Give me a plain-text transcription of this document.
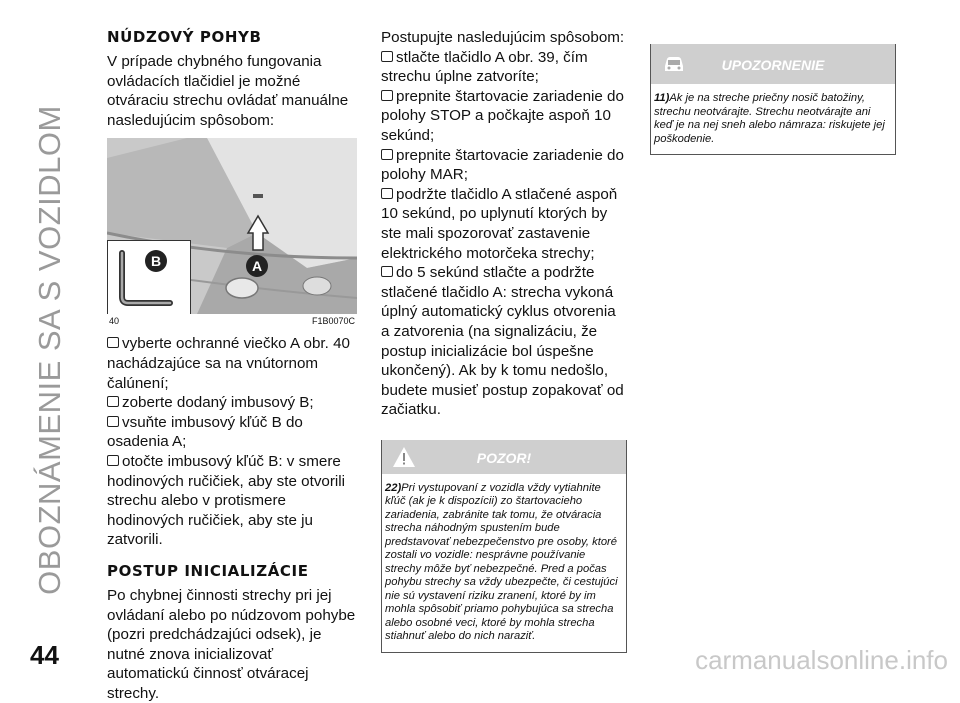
OBOZNÁMENIE SA S VOZIDLOM
NÚDZOVÝ POHYB

V prípade chybného fungovania ovládacích tlačidiel je možné otváraciu strechu ovládať manuálne nasledujúcim spôsobom:

A
B
40	F1B0070C

vyberte ochranné viečko A obr. 40 nachádzajúce sa na vnútornom čalúnení;

zoberte dodaný imbusový B;

vsuňte imbusový kľúč B do osadenia A;

otočte imbusový kľúč B: v smere hodinových ručičiek, aby ste otvorili strechu alebo v protismere hodinových ručičiek, aby ste ju zatvorili.

POSTUP INICIALIZÁCIE

Po chybnej činnosti strechy pri jej ovládaní alebo po núdzovom pohybe (pozri predchádzajúci odsek), je nutné znova inicializovať automatickú činnosť otváracej strechy.

Postupujte nasledujúcim spôsobom:

stlačte tlačidlo A obr. 39, čím strechu úplne zatvoríte;

prepnite štartovacie zariadenie do polohy STOP a počkajte aspoň 10 sekúnd;

prepnite štartovacie zariadenie do polohy MAR;

podržte tlačidlo A stlačené aspoň 10 sekúnd, po uplynutí ktorých by ste mali spozorovať zastavenie elektrického motorčeka strechy;

do 5 sekúnd stlačte a podržte stlačené tlačidlo A: strecha vykoná úplný automatický cyklus otvorenia a zatvorenia (na signalizáciu, že postup inicializácie bol úspešne ukončený). Ak by k tomu nedošlo, budete musieť postup zopakovať od začiatku.

POZOR!
22)Pri vystupovaní z vozidla vždy vytiahnite kľúč (ak je k dispozícii) zo štartovacieho zariadenia, zabránite tak tomu, že otváracia strecha náhodným spustením bude predstavovať nebezpečenstvo pre osoby, ktoré zostali vo vozidle: nesprávne používanie strechy môže byť nebezpečné. Pred a počas pohybu strechy sa vždy ubezpečte, či cestujúci nie sú vystavení riziku zranení, ktoré by im mohla spôsobiť priamo pohybujúca sa strecha alebo osobné veci, ktoré by mohla strecha stiahnuť alebo do nich naraziť.
UPOZORNENIE
11)Ak je na streche priečny nosič batožiny, strechu neotvárajte. Strechu neotvárajte ani keď je na nej sneh alebo námraza: riskujete jej poškodenie.
44	carmanualsonline.info
